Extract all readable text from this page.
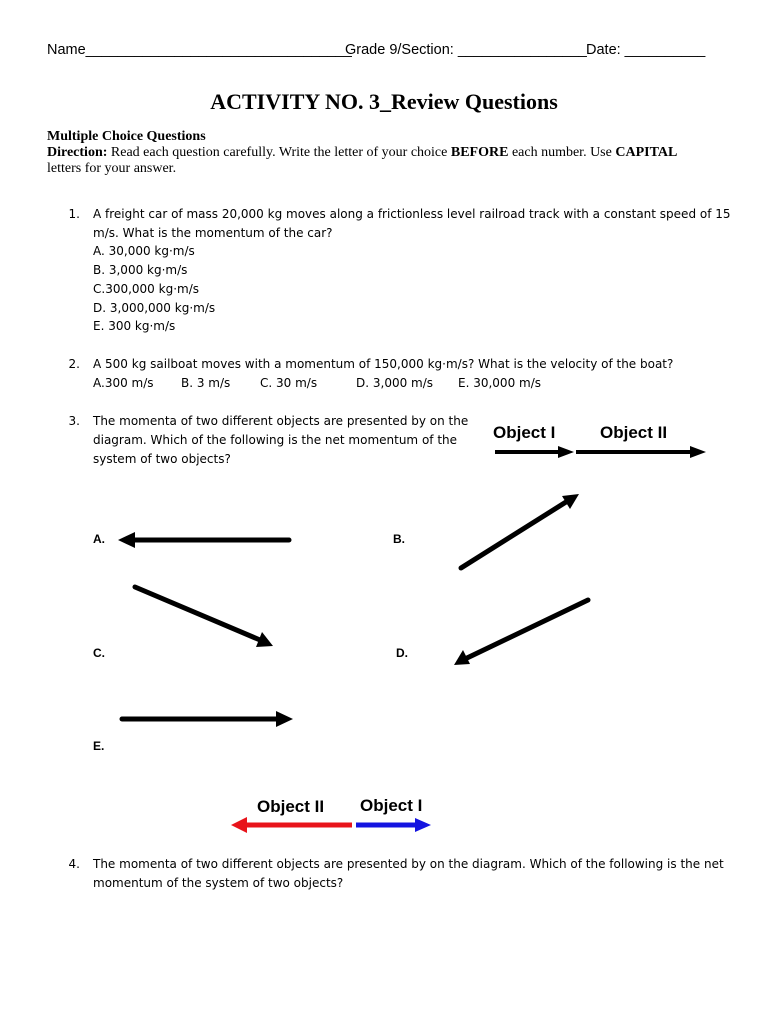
Name_________________________________
Grade 9/Section: ________________ Date: __________
ACTIVITY NO. 3_Review Questions
Multiple Choice Questions
Direction: Read each question carefully. Write the letter of your choice BEFORE each number. Use CAPITAL letters for your answer.
1. A freight car of mass 20,000 kg moves along a frictionless level railroad track with a constant speed of 15
m/s. What is the momentum of the car?
A. 30,000 kg·m/s
B. 3,000 kg·m/s
C.300,000 kg·m/s
D. 3,000,000 kg·m/s
E. 300 kg·m/s
2. A 500 kg sailboat moves with a momentum of 150,000 kg·m/s? What is the velocity of the boat?
A.300 m/s B. 3 m/s C. 30 m/s	D. 3,000 m/s E. 30,000 m/s
3. The momenta of two different objects are presented by on the
diagram. Which of the following is the net momentum of the
system of two objects?
Object I	Object II
A.	B.
C.	D.
E.
Object II Object I
4. The momenta of two different objects are presented by on the diagram. Which of the following is the net
momentum of the system of two objects?
